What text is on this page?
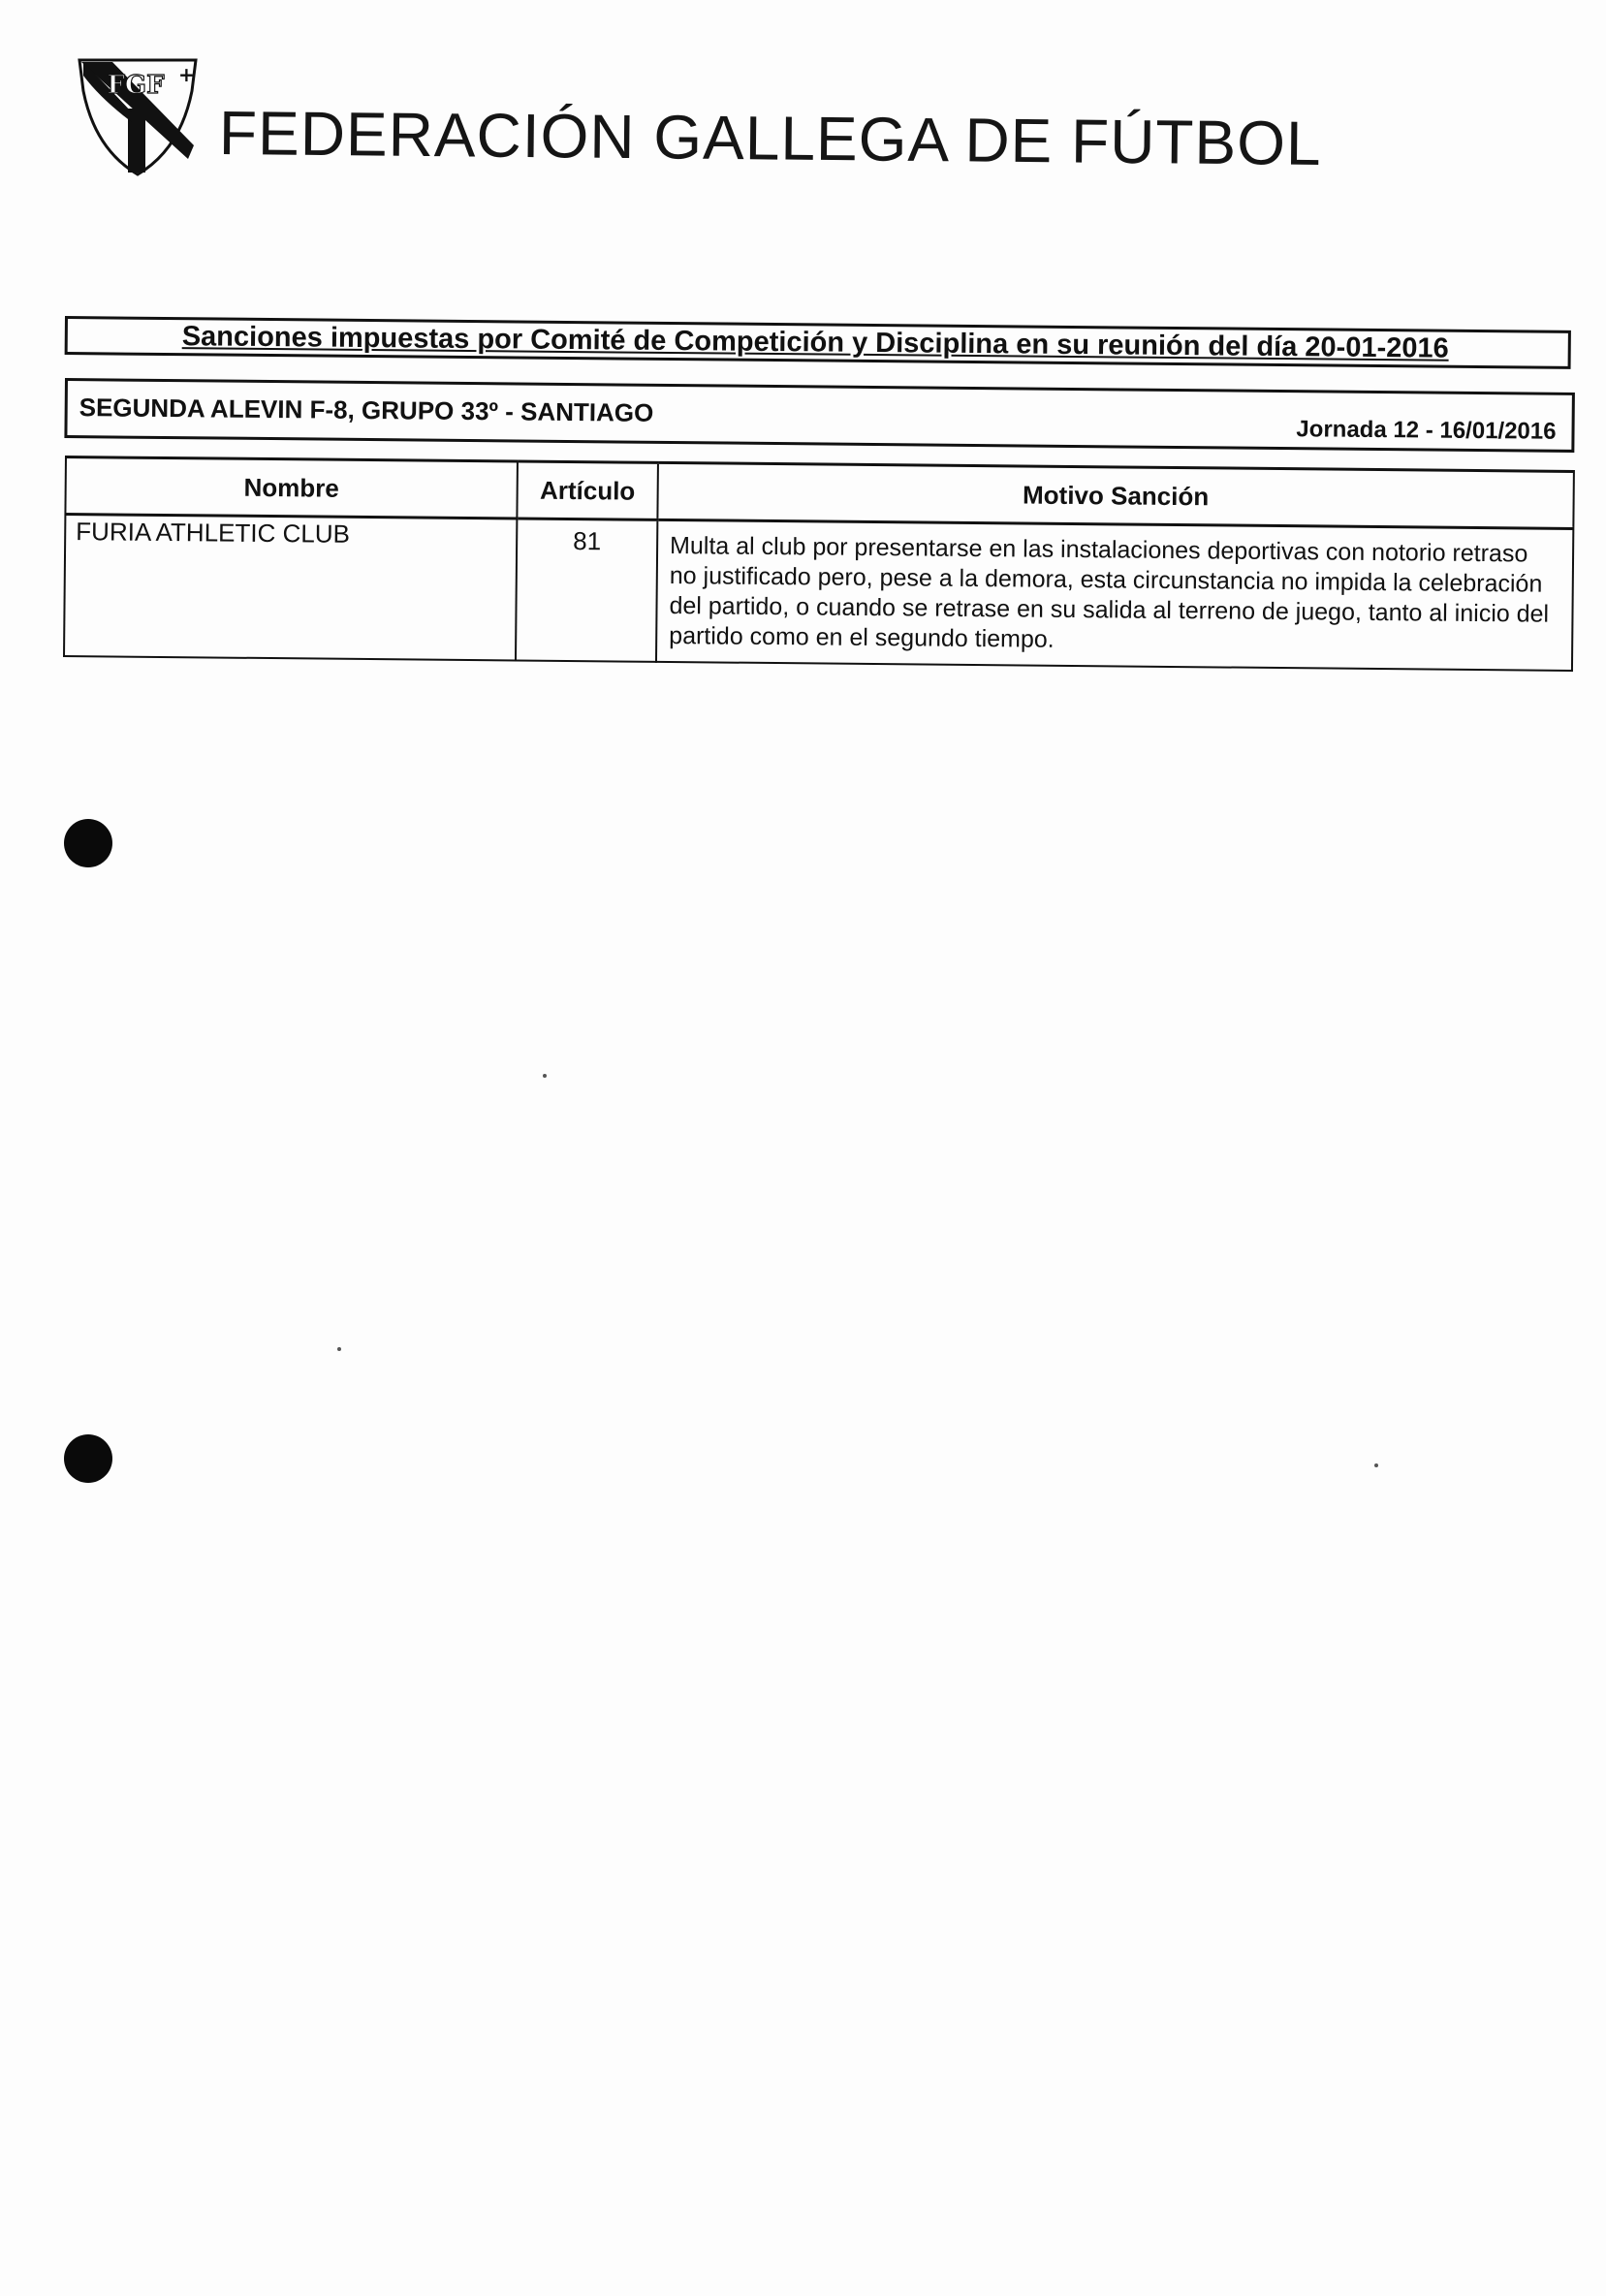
FGF +
FEDERACIÓN GALLEGA DE FÚTBOL
Sanciones impuestas por Comité de Competición y Disciplina en su reunión del día 20-01-2016
SEGUNDA ALEVIN F-8, GRUPO 33º - SANTIAGO
Jornada 12 - 16/01/2016
Nombre	Artículo	Motivo Sanción
FURIA ATHLETIC CLUB	81	Multa al club por presentarse en las instalaciones deportivas con notorio retraso no justificado pero, pese a la demora, esta circunstancia no impida la celebración del partido, o cuando se retrase en su salida al terreno de juego, tanto al inicio del partido como en el segundo tiempo.
